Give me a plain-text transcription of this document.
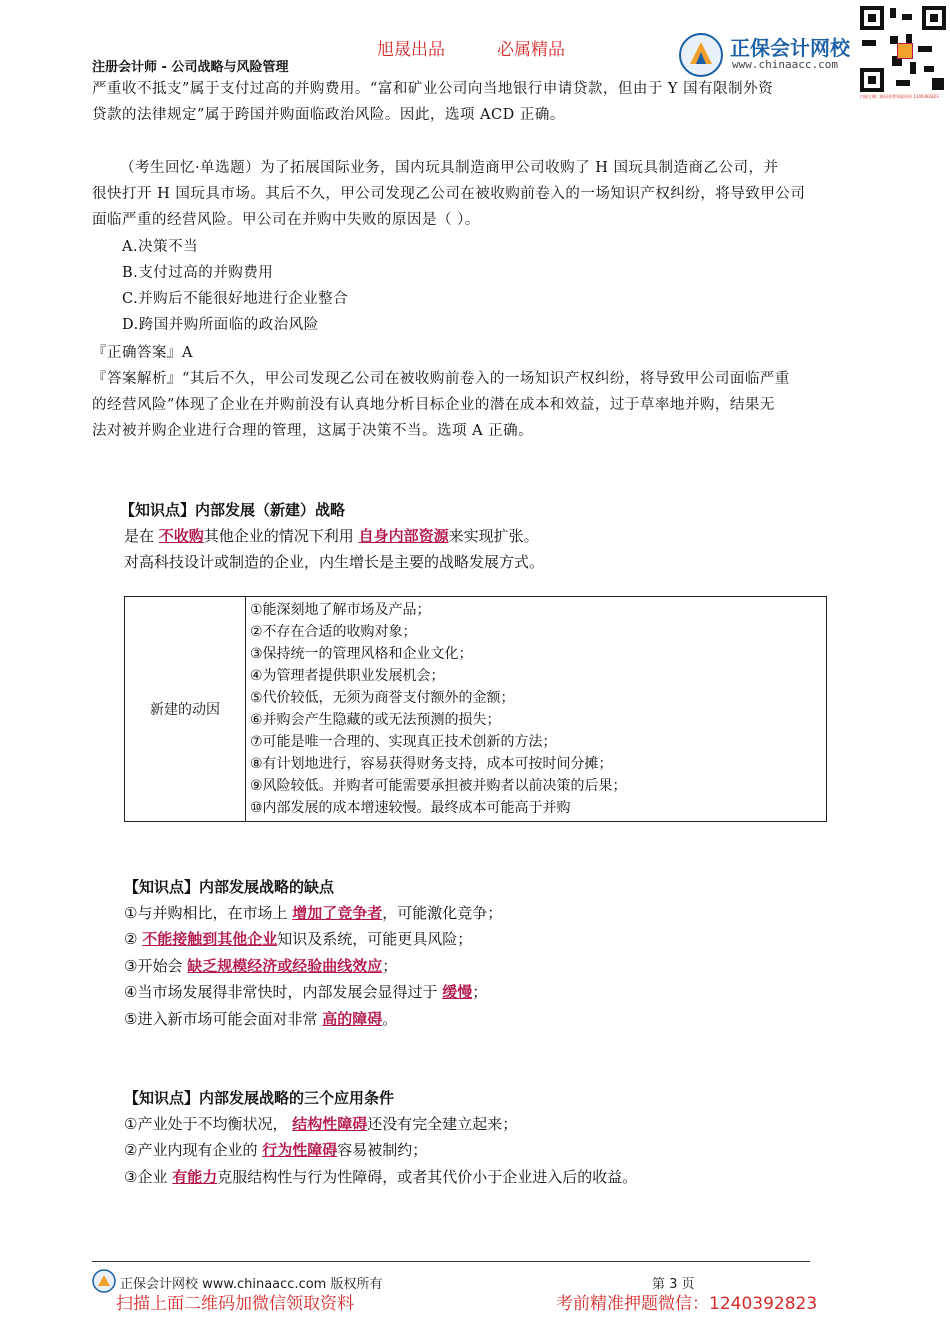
旭晟出品	必属精品
注册会计师 - 公司战略与风险管理
正保会计网校
www.chinaacc.com
扫描左侧二维码免费领取资料 1240392823
严重收不抵支”属于支付过高的并购费用。“富和矿业公司向当地银行申请贷款，但由于 Y 国有限制外资
贷款的法律规定”属于跨国并购面临政治风险。因此，选项 ACD 正确。
（考生回忆·单选题）为了拓展国际业务，国内玩具制造商甲公司收购了 H 国玩具制造商乙公司，并
很快打开 H 国玩具市场。其后不久，甲公司发现乙公司在被收购前卷入的一场知识产权纠纷，将导致甲公司
面临严重的经营风险。甲公司在并购中失败的原因是（ ）。
A.决策不当
B.支付过高的并购费用
C.并购后不能很好地进行企业整合
D.跨国并购所面临的政治风险
『正确答案』A
『答案解析』“其后不久，甲公司发现乙公司在被收购前卷入的一场知识产权纠纷，将导致甲公司面临严重
的经营风险”体现了企业在并购前没有认真地分析目标企业的潜在成本和效益，过于草率地并购，结果无
法对被并购企业进行合理的管理，这属于决策不当。选项 A 正确。
【知识点】内部发展（新建）战略
是在 不收购其他企业的情况下利用 自身内部资源来实现扩张。
对高科技设计或制造的企业，内生增长是主要的战略发展方式。
新建的动因	
①能深刻地了解市场及产品；
②不存在合适的收购对象；
③保持统一的管理风格和企业文化；
④为管理者提供职业发展机会；
⑤代价较低，无须为商誉支付额外的金额；
⑥并购会产生隐藏的或无法预测的损失；
⑦可能是唯一合理的、实现真正技术创新的方法；
⑧有计划地进行，容易获得财务支持，成本可按时间分摊；
⑨风险较低。并购者可能需要承担被并购者以前决策的后果；
⑩内部发展的成本增速较慢。最终成本可能高于并购
【知识点】内部发展战略的缺点
①与并购相比，在市场上 增加了竞争者，可能激化竞争；
② 不能接触到其他企业知识及系统，可能更具风险；
③开始会 缺乏规模经济或经验曲线效应；
④当市场发展得非常快时，内部发展会显得过于 缓慢；
⑤进入新市场可能会面对非常 高的障碍。
【知识点】内部发展战略的三个应用条件
①产业处于不均衡状况， 结构性障碍还没有完全建立起来；
②产业内现有企业的 行为性障碍容易被制约；
③企业 有能力克服结构性与行为性障碍，或者其代价小于企业进入后的收益。
正保会计网校 www.chinaacc.com 版权所有	第 3 页
扫描上面二维码加微信领取资料	考前精准押题微信：1240392823
